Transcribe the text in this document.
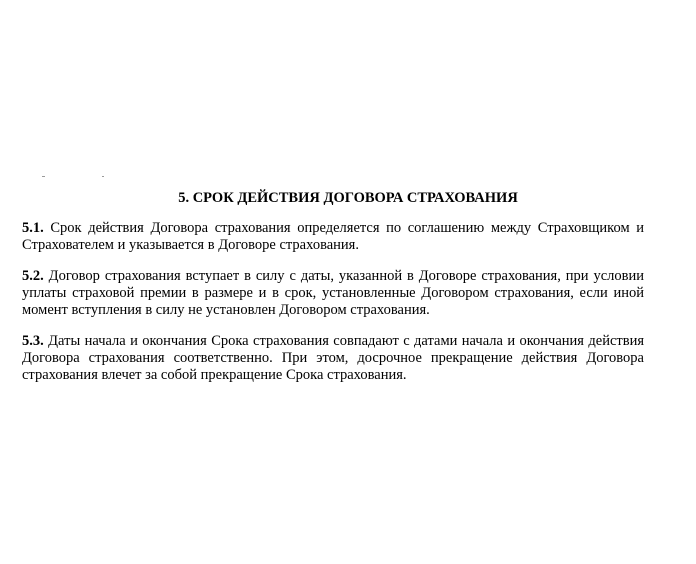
5. СРОК ДЕЙСТВИЯ ДОГОВОРА СТРАХОВАНИЯ

5.1. Срок действия Договора страхования определяется по соглашению между Страховщиком и Страхователем и указывается в Договоре страхования.

5.2. Договор страхования вступает в силу с даты, указанной в Договоре страхования, при условии уплаты страховой премии в размере и в срок, установленные Договором страхования, если иной момент вступления в силу не установлен Договором страхования.

5.3. Даты начала и окончания Срока страхования совпадают с датами начала и окончания действия Договора страхования соответственно. При этом, досрочное прекращение действия Договора страхования влечет за собой прекращение Срока страхования.
